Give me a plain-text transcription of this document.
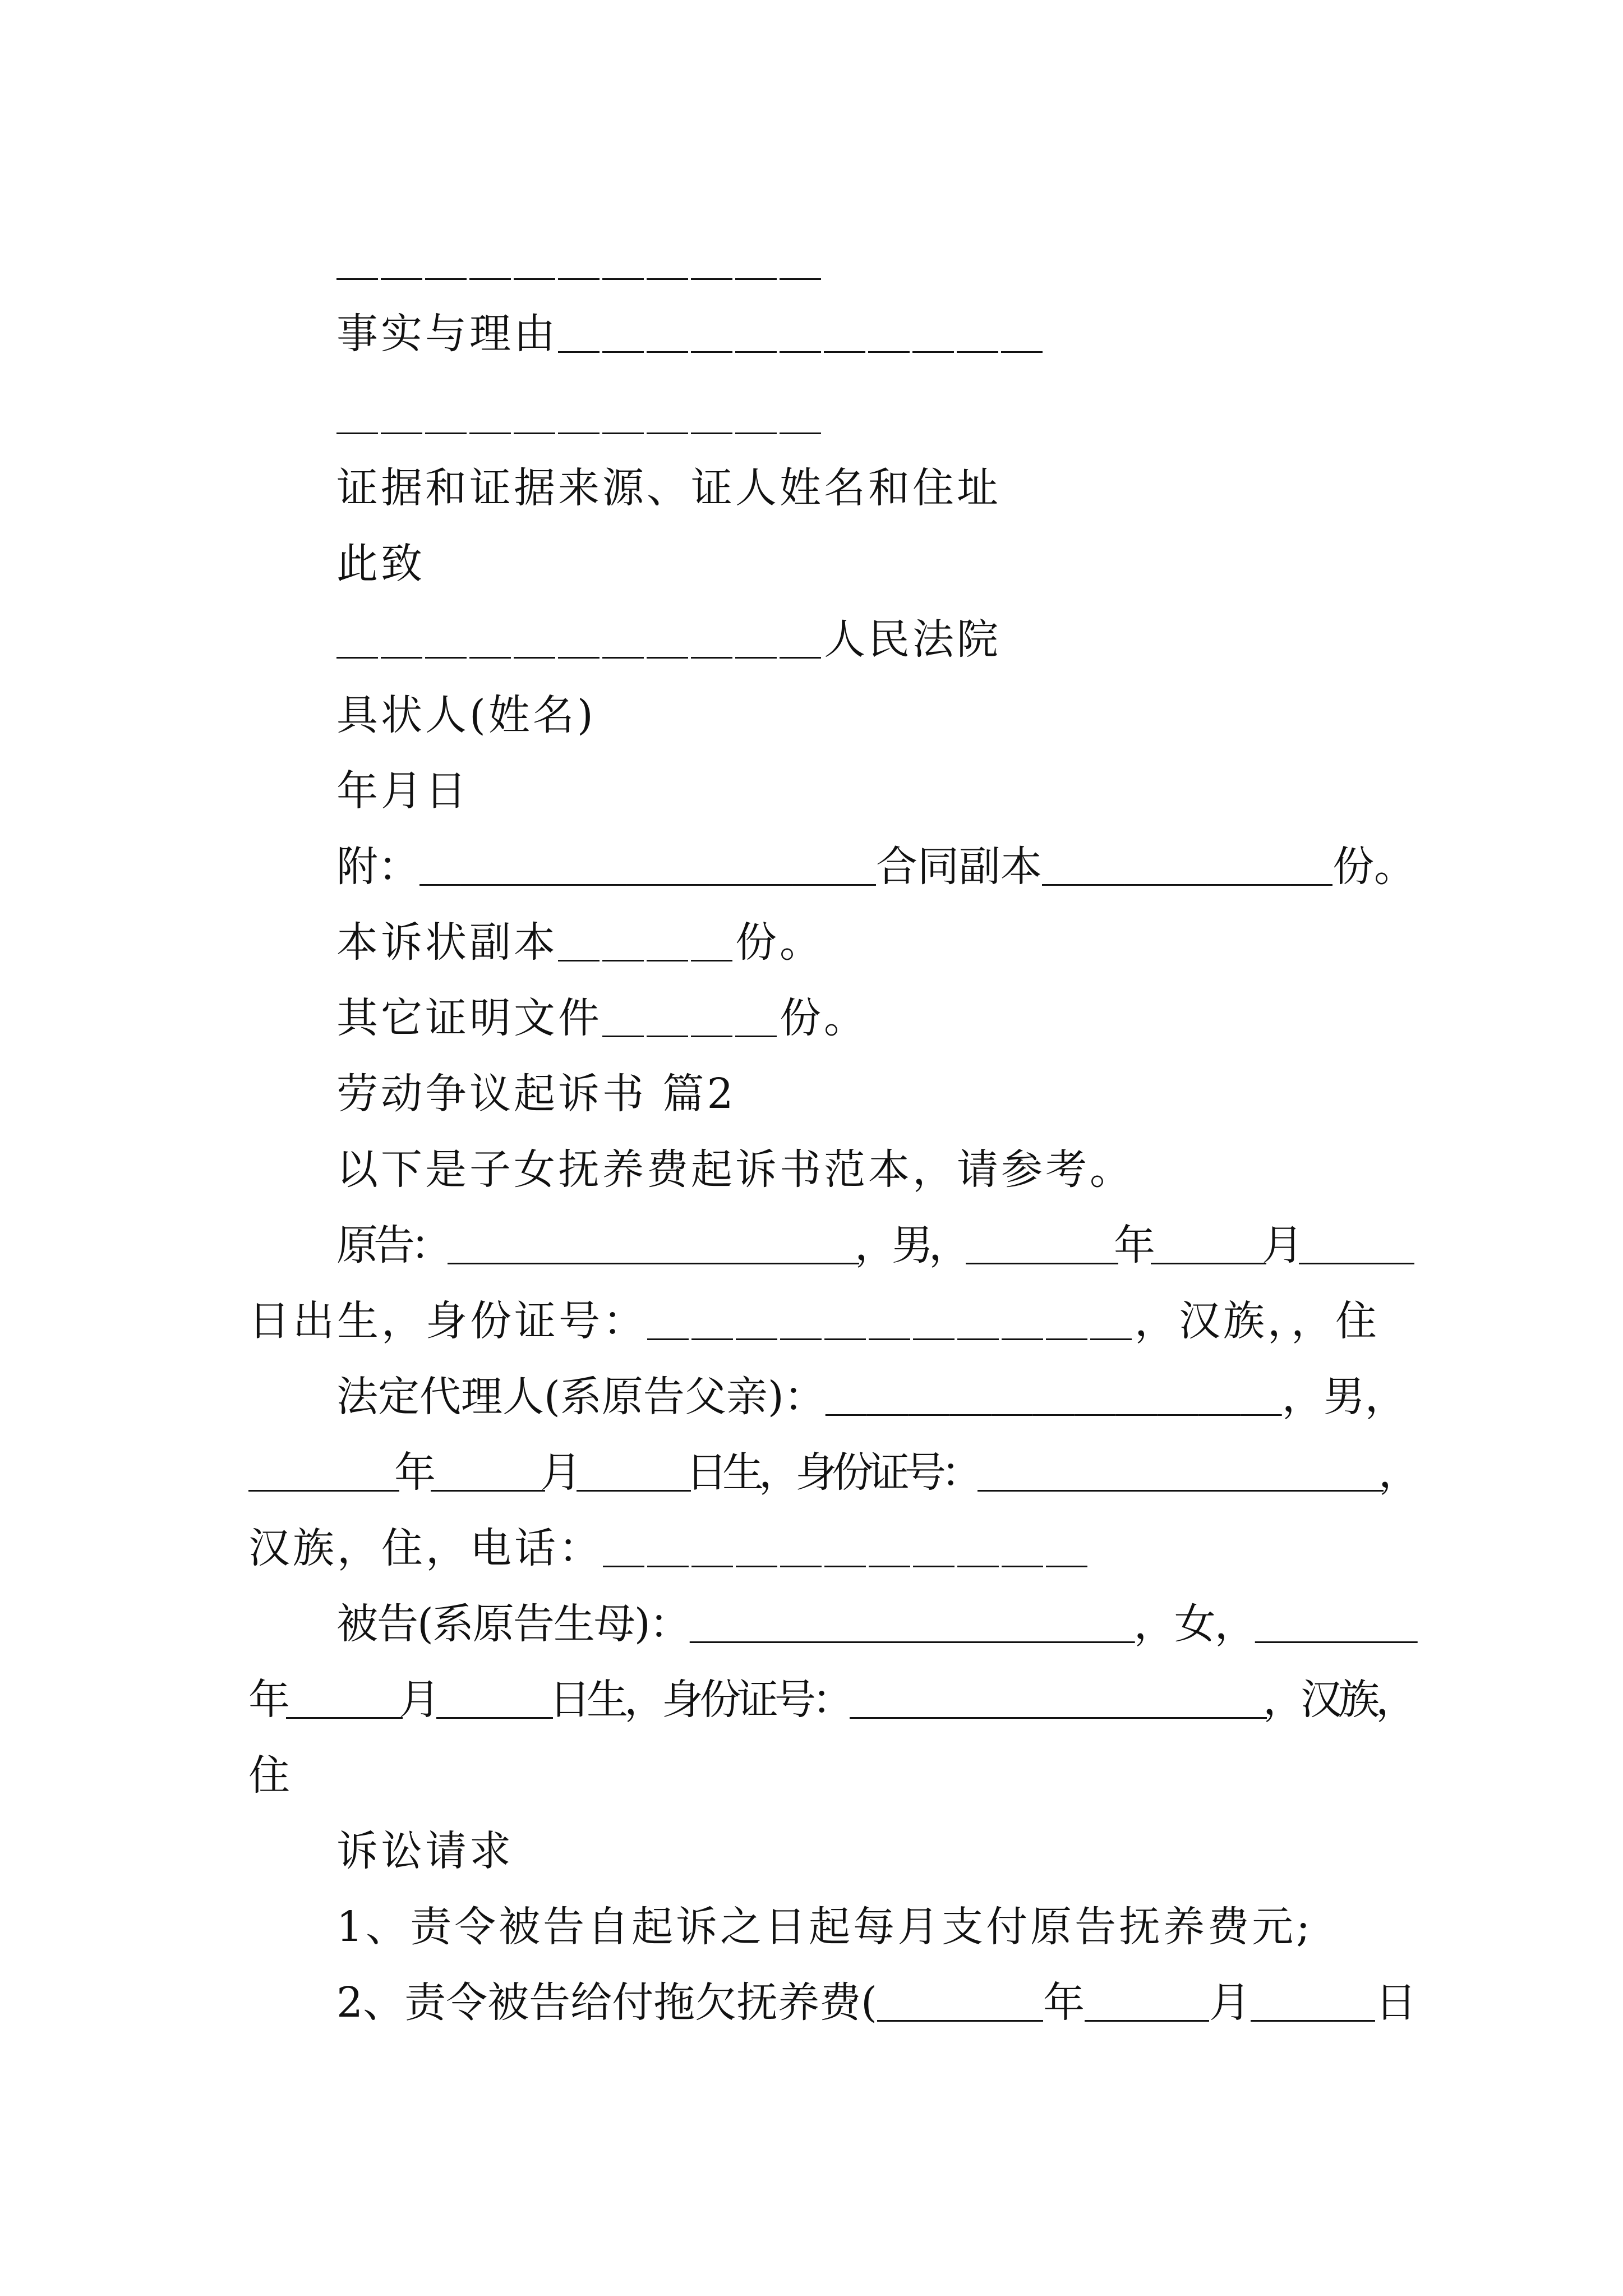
＿＿＿＿＿＿＿＿＿＿＿
事实与理由＿＿＿＿＿＿＿＿＿＿＿
＿＿＿＿＿＿＿＿＿＿＿
证据和证据来源、证人姓名和住址
此致
＿＿＿＿＿＿＿＿＿＿＿人民法院
具状人(姓名)
年月日
附：＿＿＿＿＿＿＿＿＿＿＿合同副本＿＿＿＿＿＿＿份。
本诉状副本＿＿＿＿份。
其它证明文件＿＿＿＿份。
劳动争议起诉书 篇2
以下是子女抚养费起诉书范本，请参考。
原告：＿＿＿＿＿＿＿＿＿＿＿，男，＿＿＿＿年＿＿＿月＿＿＿
日出生，身份证号：＿＿＿＿＿＿＿＿＿＿＿，汉族，，住
法定代理人(系原告父亲)：＿＿＿＿＿＿＿＿＿＿＿，男，
＿＿＿＿年＿＿＿月＿＿＿日生，身份证号：＿＿＿＿＿＿＿＿＿＿＿，
汉族，住，电话：＿＿＿＿＿＿＿＿＿＿＿
被告(系原告生母)：＿＿＿＿＿＿＿＿＿＿＿，女，＿＿＿＿
年＿＿＿月＿＿＿日生，身份证号：＿＿＿＿＿＿＿＿＿＿＿，汉族，
住
诉讼请求
1、责令被告自起诉之日起每月支付原告抚养费元;
2、责令被告给付拖欠抚养费(＿＿＿＿年＿＿＿月＿＿＿日
